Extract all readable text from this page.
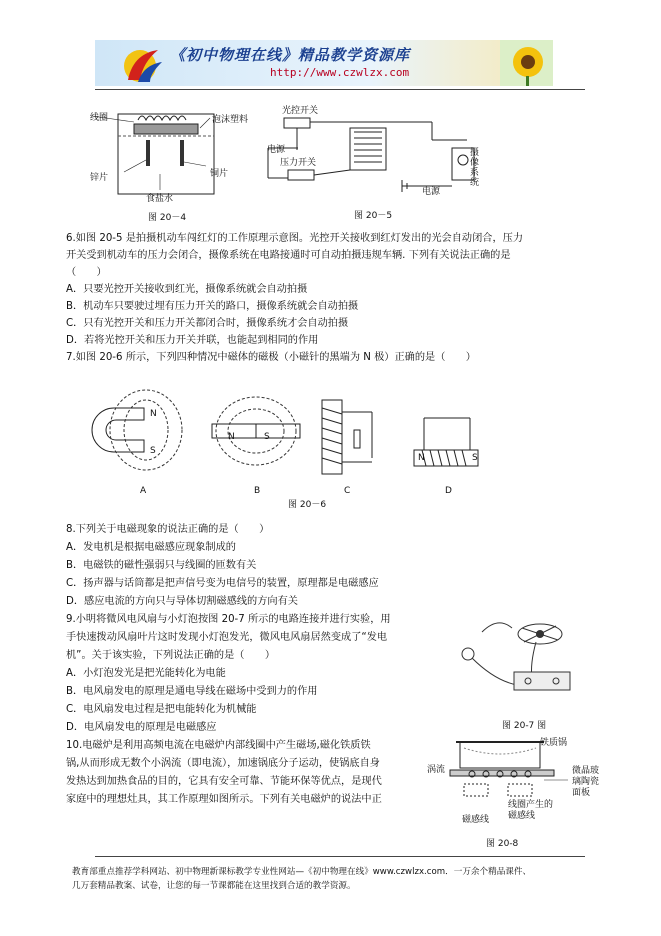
《初中物理在线》精品教学资源库
http://www.czwlzx.com
线圈	泡沫塑料
锌片	铜片
食盐水
图 20－4
光控开关
电源
压力开关
摄像系统
电源
图 20－5
6.如图 20-5 是拍摄机动车闯红灯的工作原理示意图。光控开关接收到红灯发出的光会自动闭合，压力
开关受到机动车的压力会闭合，摄像系统在电路接通时可自动拍摄违规车辆. 下列有关说法正确的是
（　　）
A．只要光控开关接收到红光，摄像系统就会自动拍摄
B．机动车只要驶过埋有压力开关的路口，摄像系统就会自动拍摄
C．只有光控开关和压力开关都闭合时，摄像系统才会自动拍摄
D．若将光控开关和压力开关并联，也能起到相同的作用
7.如图 20-6 所示，下列四种情况中磁体的磁极（小磁针的黑端为 N 极）正确的是（　　）
N
S
N	S
N	S
A	B	C	D
图 20－6
8.下列关于电磁现象的说法正确的是（　　）
A．发电机是根据电磁感应现象制成的
B．电磁铁的磁性强弱只与线圈的匝数有关
C．扬声器与话筒都是把声信号变为电信号的装置，原理都是电磁感应
D．感应电流的方向只与导体切割磁感线的方向有关
9.小明将微风电风扇与小灯泡按图 20-7 所示的电路连接并进行实验，用
手快速拨动风扇叶片这时发现小灯泡发光，微风电风扇居然变成了“发电
机”。关于该实验，下列说法正确的是（　　）
A．小灯泡发光是把光能转化为电能
B．电风扇发电的原理是通电导线在磁场中受到力的作用
C．电风扇发电过程是把电能转化为机械能
D．电风扇发电的原理是电磁感应	图 20-7 图
10.电磁炉是利用高频电流在电磁炉内部线圈中产生磁场,磁化铁质铁
锅,从而形成无数个小涡流（即电流），加速锅底分子运动，使锅底自身
发热达到加热食品的目的，它具有安全可靠、节能环保等优点，是现代
家庭中的理想灶具，其工作原理如图所示。下列有关电磁炉的说法中正
铁质锅
涡流	微晶玻璃陶瓷面板
磁感线
线圈产生的磁感线
图 20-8
教育部重点推荐学科网站、初中物理新课标教学专业性网站—《初中物理在线》www.czwlzx.com．一万余个精品课件、
几万套精品教案、试卷，让您的每一节课都能在这里找到合适的教学资源。
